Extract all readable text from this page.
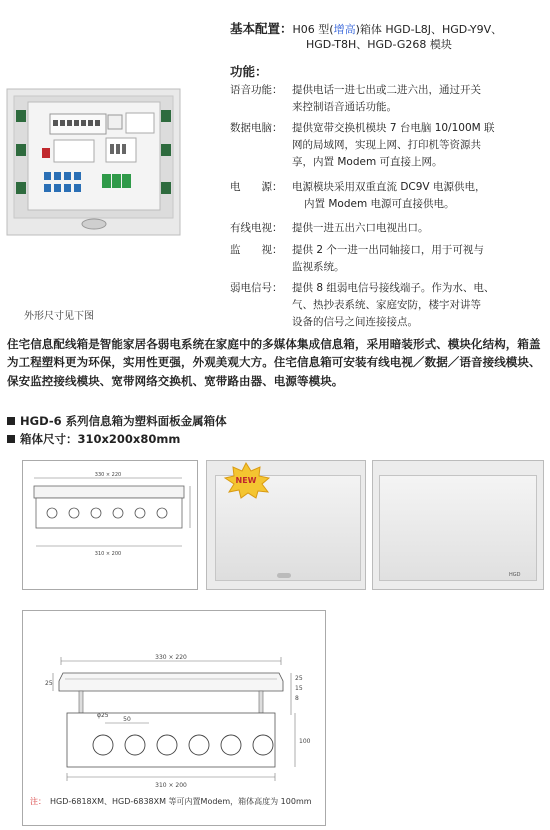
基本配置：H06 型(增高)箱体 HGD-L8J、HGD-Y9V、
HGD-T8H、HGD-G268 模块
功能：
语音功能： 提供电话一进七出或二进六出，通过开关
来控制语音通话功能。
数据电脑： 提供宽带交换机模块 7 台电脑 10/100M 联
网的局域网，实现上网、打印机等资源共
享，内置 Modem 可直接上网。
电　　源： 电源模块采用双重直流 DC9V 电源供电，
内置 Modem 电源可直接供电。
有线电视： 提供一进五出六口电视出口。
监　　视： 提供 2 个一进一出同轴接口，用于可视与
监视系统。
弱电信号： 提供 8 组弱电信号接线端子。作为水、电、
气、热抄表系统、家庭安防，楼宇对讲等
设备的信号之间连接接点。
外形尺寸见下图
住宅信息配线箱是智能家居各弱电系统在家庭中的多媒体集成信息箱，采用暗装形式、模块化结构，箱盖为工程塑料更为环保，实用性更强，外观美观大方。住宅信息箱可安装有线电视／数据／语音接线模块、保安监控接线模块、宽带网络交换机、宽带路由器、电源等模块。
HGD-6 系列信息箱为塑料面板金属箱体
箱体尺寸：310x200x80mm
330 × 220
310 × 200
NEW
HGD
330 × 220
25
25
15
8
φ25
50
100
310 × 200
注： HGD-6818XM、HGD-6838XM 等可内置Modem，箱体高度为 100mm
